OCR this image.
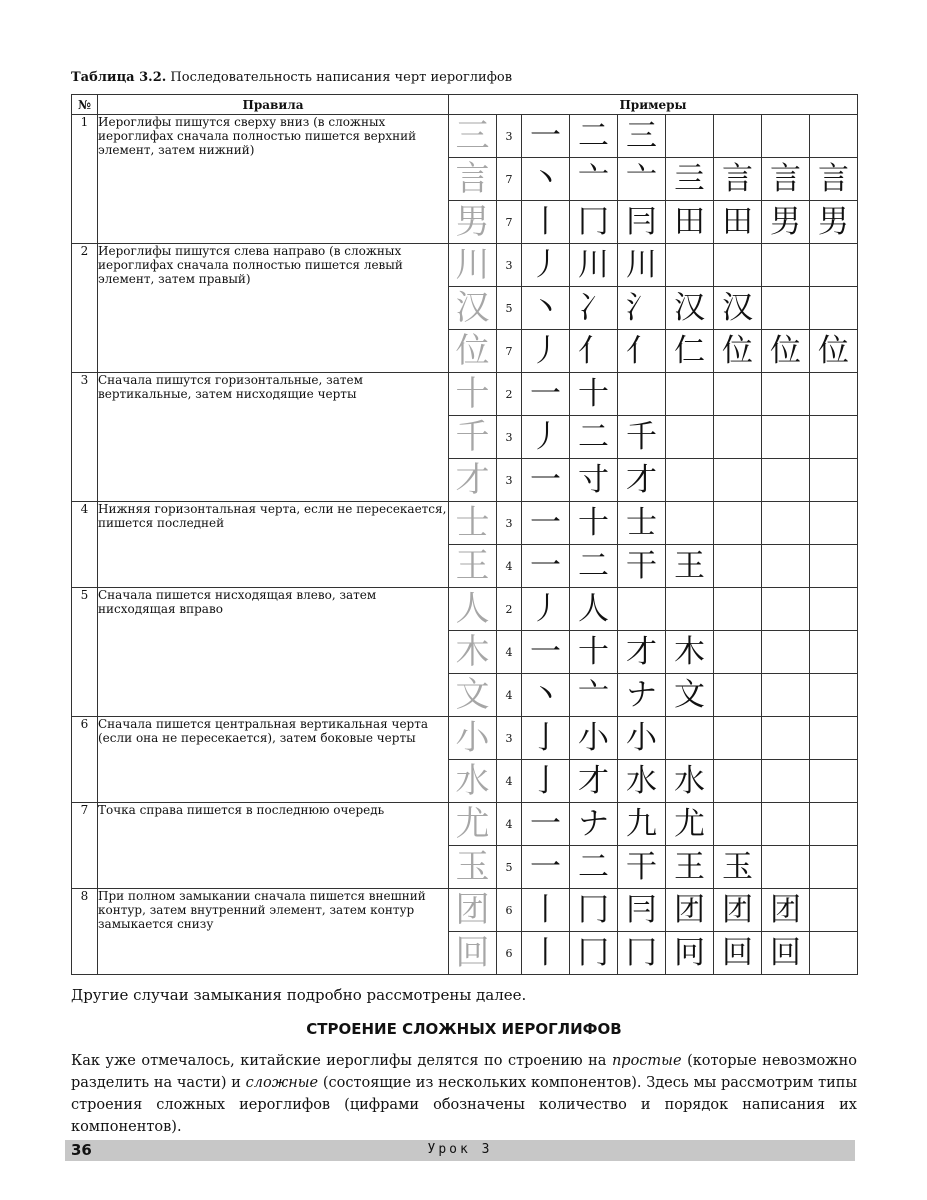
Таблица 3.2. Последовательность написания черт иероглифов
№	Правила	Примеры								
1	Иероглифы пишутся сверху вниз (в сложных иероглифах сначала полностью пишется верхний элемент, затем нижний)	三	3	一	二	三				
		言	7	丶	亠	亠	亖	言	言	言
		男	7	丨	冂	冃	田	田	男	男
2	Иероглифы пишутся слева направо (в сложных иероглифах сначала полностью пишется левый элемент, затем правый)	川	3	丿	川	川				
		汉	5	丶	冫	氵	汉	汉		
		位	7	丿	亻	亻	仁	位	位	位
3	Сначала пишутся горизонтальные, затем вертикальные, затем нисходящие черты	十	2	一	十					
		千	3	丿	二	千				
		才	3	一	寸	才				
4	Нижняя горизонтальная черта, если не пересекается, пишется последней	士	3	一	十	士				
		王	4	一	二	干	王			
5	Сначала пишется нисходящая влево, затем нисходящая вправо	人	2	丿	人					
		木	4	一	十	才	木			
		文	4	丶	亠	ナ	文			
6	Сначала пишется центральная вертикальная черта (если она не пересекается), затем боковые черты	小	3	亅	小	小				
		水	4	亅	才	水	水			
7	Точка справа пишется в последнюю очередь	尤	4	一	ナ	九	尤			
		玉	5	一	二	干	王	玉		
8	При полном замыкании сначала пишется внешний контур, затем внутренний элемент, затем контур замыкается снизу	团	6	丨	冂	冃	团	团	团	
		回	6	丨	冂	冂	冋	回	回	
Другие случаи замыкания подробно рассмотрены далее.
СТРОЕНИЕ СЛОЖНЫХ ИЕРОГЛИФОВ
Как уже отмечалось, китайские иероглифы делятся по строению на простые (которые невозможно разделить на части) и сложные (состоящие из нескольких компонентов). Здесь мы рассмотрим типы строения сложных иероглифов (цифрами обозначены количество и порядок написания их компонентов).
36	Урок 3
